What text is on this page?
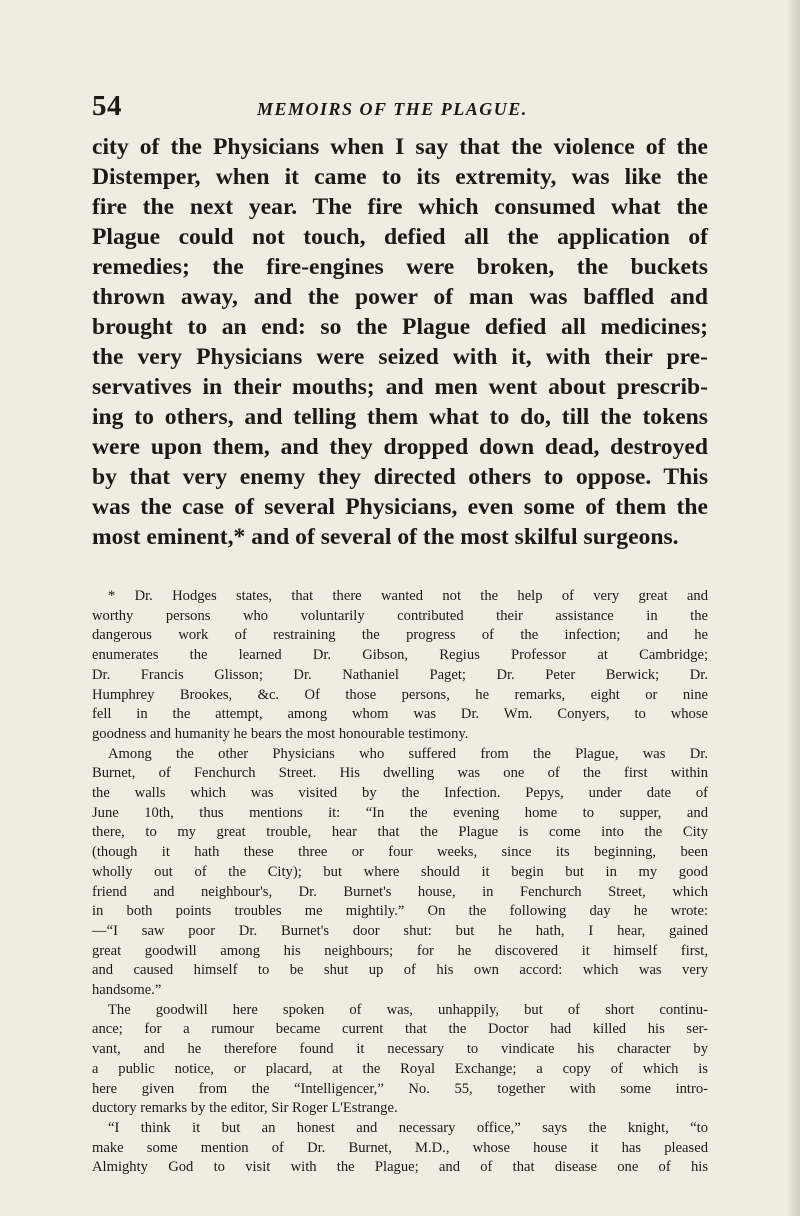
54	MEMOIRS OF THE PLAGUE.
city of the Physicians when I say that the violence of the
Distemper, when it came to its extremity, was like the
fire the next year. The fire which consumed what the
Plague could not touch, defied all the application of
remedies; the fire-engines were broken, the buckets
thrown away, and the power of man was baffled and
brought to an end: so the Plague defied all medicines;
the very Physicians were seized with it, with their pre-
servatives in their mouths; and men went about prescrib-
ing to others, and telling them what to do, till the tokens
were upon them, and they dropped down dead, destroyed
by that very enemy they directed others to oppose. This
was the case of several Physicians, even some of them the
most eminent,* and of several of the most skilful surgeons.
* Dr. Hodges states, that there wanted not the help of very great and
worthy persons who voluntarily contributed their assistance in the
dangerous work of restraining the progress of the infection; and he
enumerates the learned Dr. Gibson, Regius Professor at Cambridge;
Dr. Francis Glisson; Dr. Nathaniel Paget; Dr. Peter Berwick; Dr.
Humphrey Brookes, &c. Of those persons, he remarks, eight or nine
fell in the attempt, among whom was Dr. Wm. Conyers, to whose
goodness and humanity he bears the most honourable testimony.
Among the other Physicians who suffered from the Plague, was Dr.
Burnet, of Fenchurch Street. His dwelling was one of the first within
the walls which was visited by the Infection. Pepys, under date of
June 10th, thus mentions it: “In the evening home to supper, and
there, to my great trouble, hear that the Plague is come into the City
(though it hath these three or four weeks, since its beginning, been
wholly out of the City); but where should it begin but in my good
friend and neighbour's, Dr. Burnet's house, in Fenchurch Street, which
in both points troubles me mightily.” On the following day he wrote:
—“I saw poor Dr. Burnet's door shut: but he hath, I hear, gained
great goodwill among his neighbours; for he discovered it himself first,
and caused himself to be shut up of his own accord: which was very
handsome.”
The goodwill here spoken of was, unhappily, but of short continu-
ance; for a rumour became current that the Doctor had killed his ser-
vant, and he therefore found it necessary to vindicate his character by
a public notice, or placard, at the Royal Exchange; a copy of which is
here given from the “Intelligencer,” No. 55, together with some intro-
ductory remarks by the editor, Sir Roger L'Estrange.
“I think it but an honest and necessary office,” says the knight, “to
make some mention of Dr. Burnet, M.D., whose house it has pleased
Almighty God to visit with the Plague; and of that disease one of his
